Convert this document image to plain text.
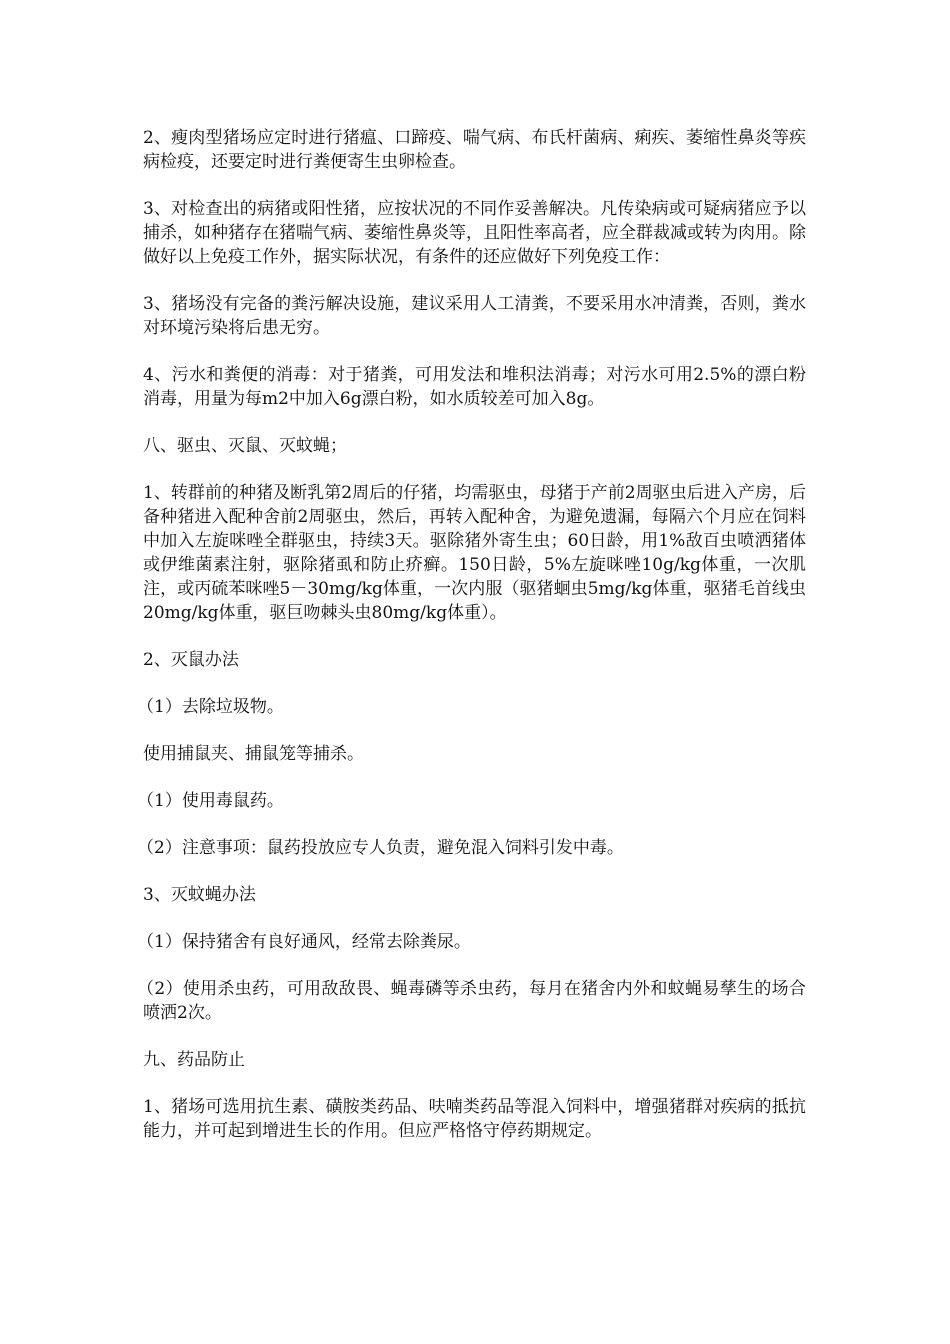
2、瘦肉型猪场应定时进行猪瘟、口蹄疫、喘气病、布氏杆菌病、痢疾、萎缩性鼻炎等疾病检疫，还要定时进行粪便寄生虫卵检查。

3、对检查出的病猪或阳性猪，应按状况的不同作妥善解决。凡传染病或可疑病猪应予以捕杀，如种猪存在猪喘气病、萎缩性鼻炎等，且阳性率高者，应全群裁减或转为肉用。除做好以上免疫工作外，据实际状况，有条件的还应做好下列免疫工作：

3、猪场没有完备的粪污解决设施，建议采用人工清粪，不要采用水冲清粪，否则，粪水对环境污染将后患无穷。

4、污水和粪便的消毒：对于猪粪，可用发法和堆积法消毒；对污水可用2.5%的漂白粉消毒，用量为每m2中加入6g漂白粉，如水质较差可加入8g。

八、驱虫、灭鼠、灭蚊蝇；

1、转群前的种猪及断乳第2周后的仔猪，均需驱虫，母猪于产前2周驱虫后进入产房，后备种猪进入配种舍前2周驱虫，然后，再转入配种舍，为避免遗漏，每隔六个月应在饲料中加入左旋咪唑全群驱虫，持续3天。驱除猪外寄生虫；60日龄，用1%敌百虫喷洒猪体或伊维菌素注射，驱除猪虱和防止疥癣。150日龄，5%左旋咪唑10g/kg体重，一次肌注，或丙硫苯咪唑5－30mg/kg体重，一次内服（驱猪蛔虫5mg/kg体重，驱猪毛首线虫20mg/kg体重，驱巨吻棘头虫80mg/kg体重）。

2、灭鼠办法

（1）去除垃圾物。

使用捕鼠夹、捕鼠笼等捕杀。

（1）使用毒鼠药。

（2）注意事项：鼠药投放应专人负责，避免混入饲料引发中毒。

3、灭蚊蝇办法

（1）保持猪舍有良好通风，经常去除粪尿。

（2）使用杀虫药，可用敌敌畏、蝇毒磷等杀虫药，每月在猪舍内外和蚊蝇易孳生的场合喷洒2次。

九、药品防止

1、猪场可选用抗生素、磺胺类药品、呋喃类药品等混入饲料中，增强猪群对疾病的抵抗能力，并可起到增进生长的作用。但应严格恪守停药期规定。
